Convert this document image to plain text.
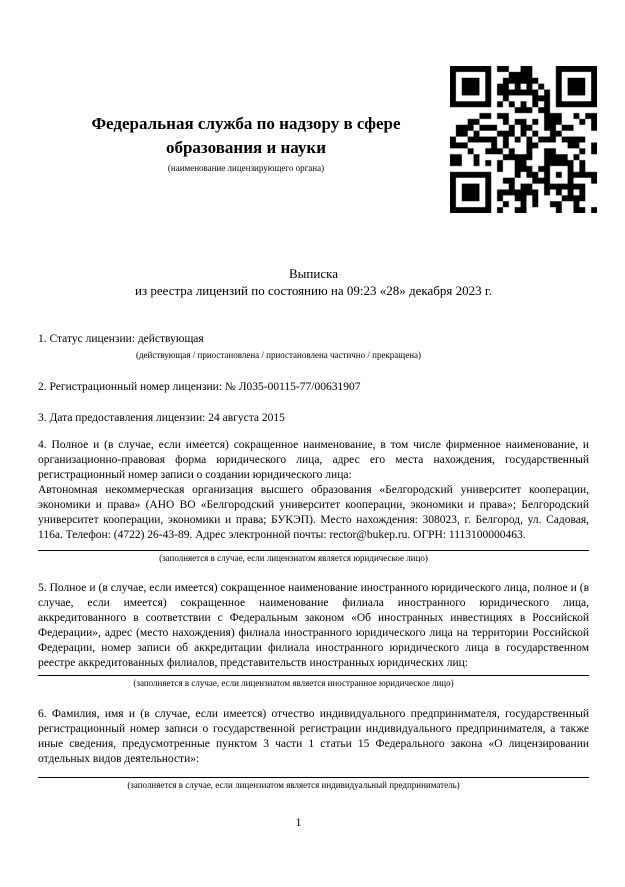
Федеральная служба по надзору в сфере
образования и науки
(наименование лицензирующего органа)
Выписка
из реестра лицензий по состоянию на 09:23 «28» декабря 2023 г.
1. Статус лицензии: действующая
(действующая / приостановлена / приостановлена частично / прекращена)
2. Регистрационный номер лицензии: № Л035-00115-77/00631907
3. Дата предоставления лицензии: 24 августа 2015
4. Полное и (в случае, если имеется) сокращенное наименование, в том числе фирменное наименование, и организационно-правовая форма юридического лица, адрес его места нахождения, государственный регистрационный номер записи о создании юридического лица:
Автономная некоммерческая организация высшего образования «Белгородский университет кооперации, экономики и права» (АНО ВО «Белгородский университет кооперации, экономики и права»; Белгородский университет кооперации, экономики и права; БУКЭП). Место нахождения: 308023, г. Белгород, ул. Садовая, 116а. Телефон: (4722) 26-43-89. Адрес электронной почты: rector@bukep.ru. ОГРН: 1113100000463.
(заполняется в случае, если лицензиатом является юридическое лицо)
5. Полное и (в случае, если имеется) сокращенное наименование иностранного юридического лица, полное и (в случае, если имеется) сокращенное наименование филиала иностранного юридического лица, аккредитованного в соответствии с Федеральным законом «Об иностранных инвестициях в Российской Федерации», адрес (место нахождения) филиала иностранного юридического лица на территории Российской Федерации, номер записи об аккредитации филиала иностранного юридического лица в государственном реестре аккредитованных филиалов, представительств иностранных юридических лиц:
(заполняется в случае, если лицензиатом является иностранное юридическое лицо)
6. Фамилия, имя и (в случае, если имеется) отчество индивидуального предпринимателя, государственный регистрационный номер записи о государственной регистрации индивидуального предпринимателя, а также иные сведения, предусмотренные пунктом 3 части 1 статьи 15 Федерального закона «О лицензировании отдельных видов деятельности»:
(заполняется в случае, если лицензиатом является индивидуальный предприниматель)
1
